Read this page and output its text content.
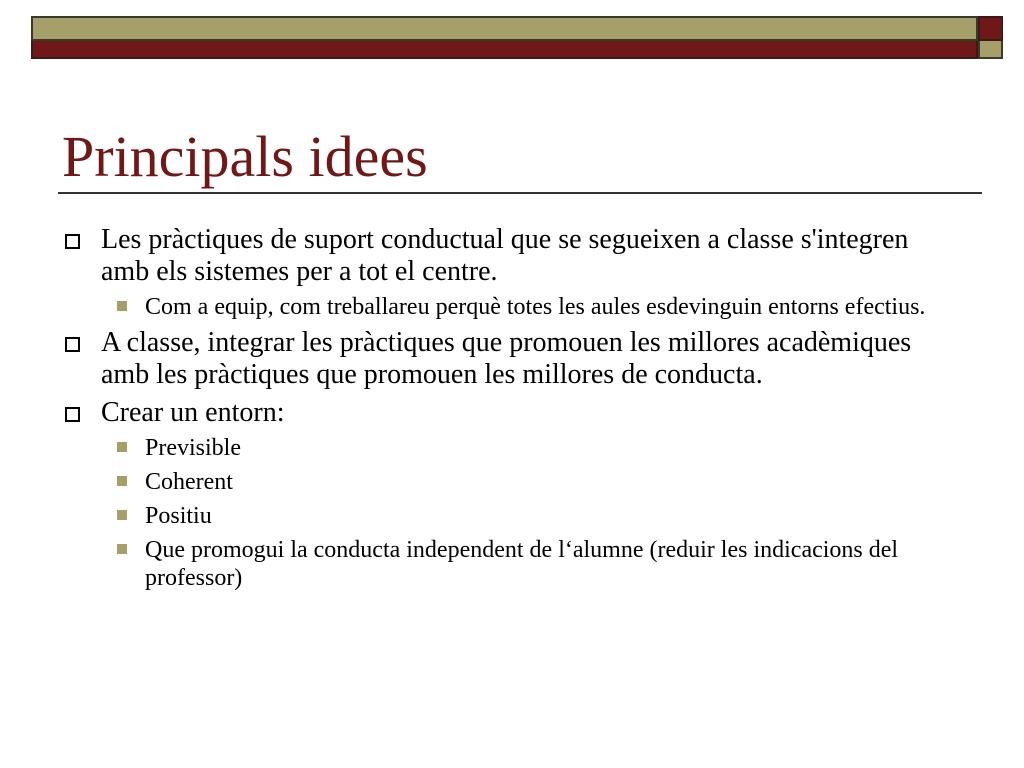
Principals idees
Les pràctiques de suport conductual que se segueixen a classe s'integren amb els sistemes per a tot el centre.
Com a equip, com treballareu perquè totes les aules esdevinguin entorns efectius.
A classe, integrar les pràctiques que promouen les millores acadèmiques amb les pràctiques que promouen les millores de conducta.
Crear un entorn:
Previsible
Coherent
Positiu
Que promogui la conducta independent de l‘alumne (reduir les indicacions del professor)
